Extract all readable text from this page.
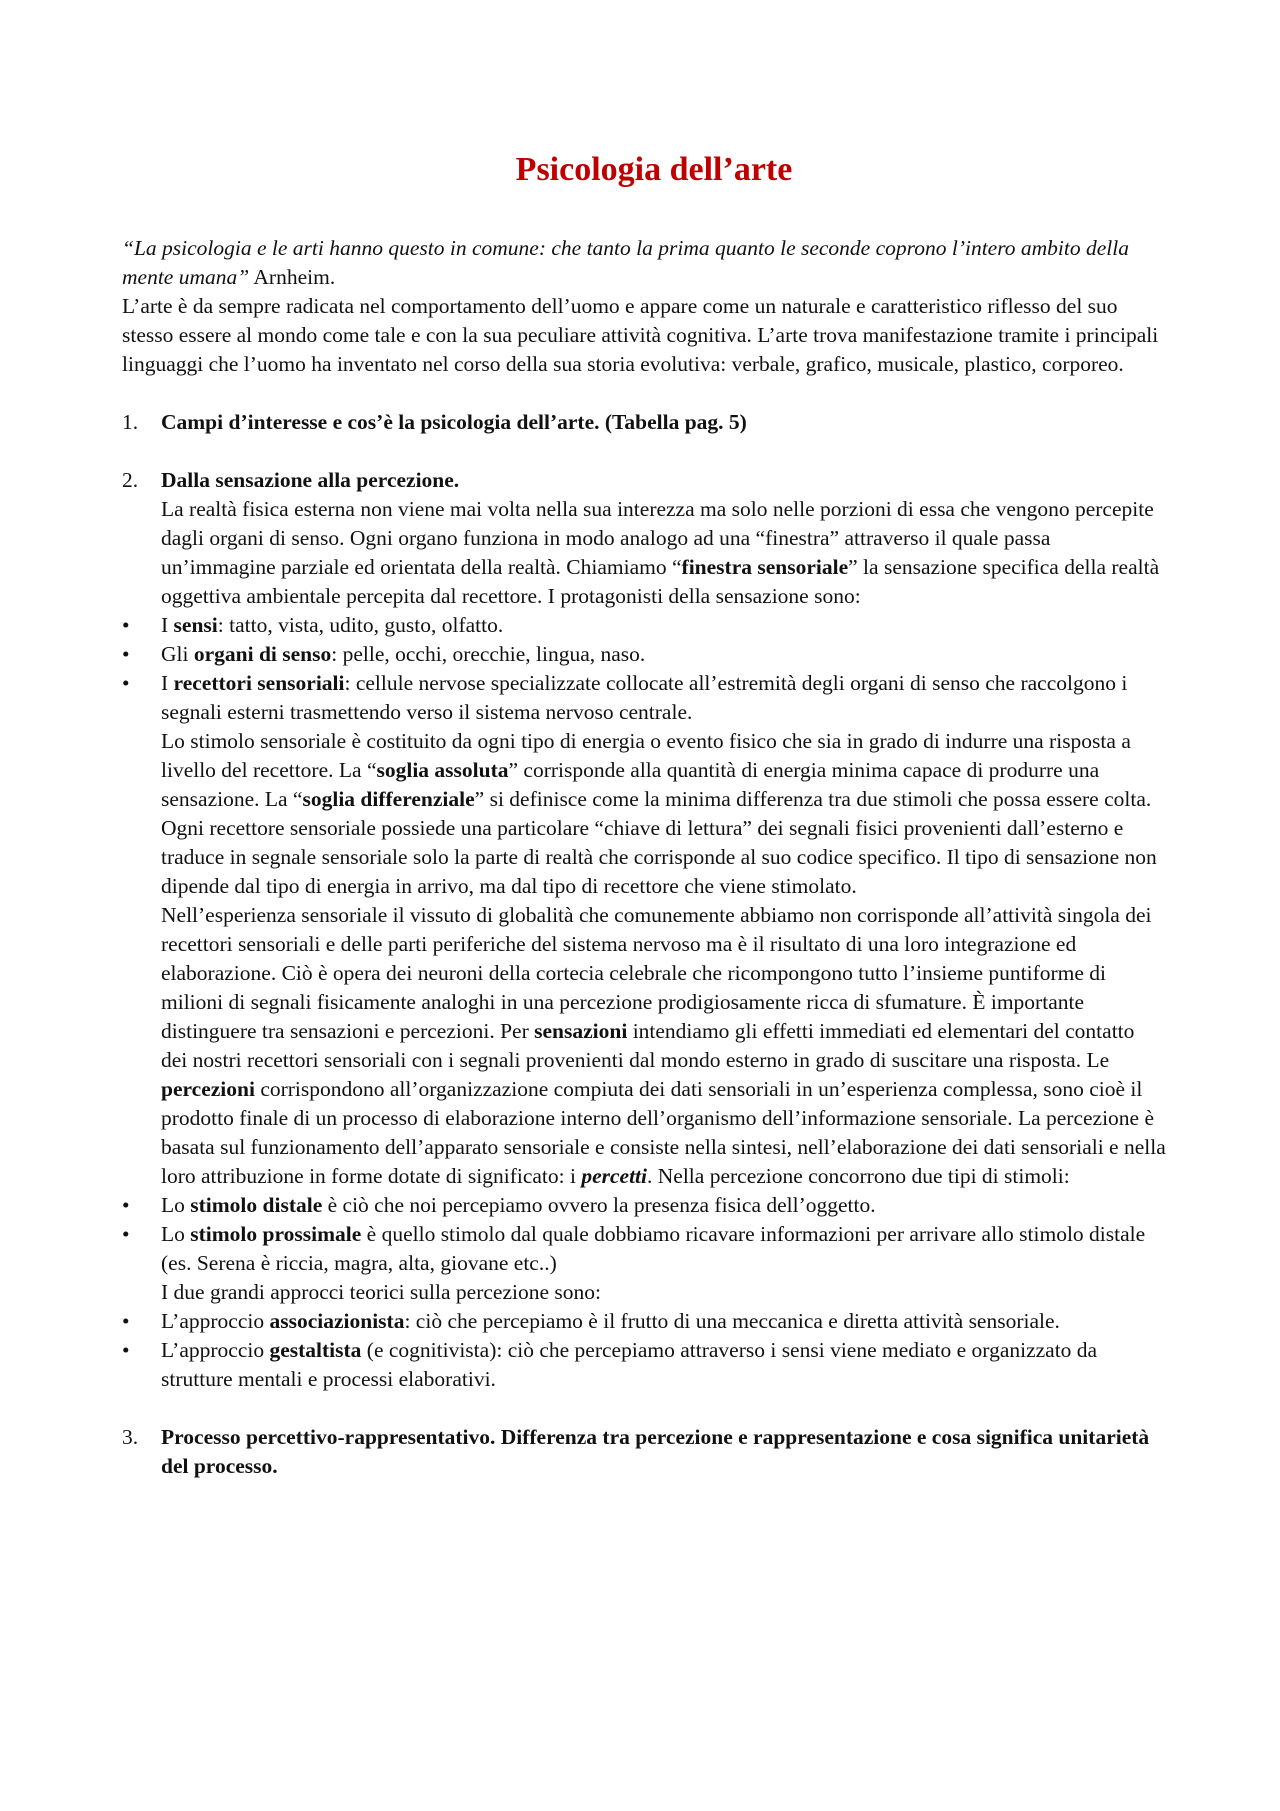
Psicologia dell’arte

“La psicologia e le arti hanno questo in comune: che tanto la prima quanto le seconde coprono l’intero ambito della mente umana” Arnheim.

L’arte è da sempre radicata nel comportamento dell’uomo e appare come un naturale e caratteristico riflesso del suo stesso essere al mondo come tale e con la sua peculiare attività cognitiva. L’arte trova manifestazione tramite i principali linguaggi che l’uomo ha inventato nel corso della sua storia evolutiva: verbale, grafico, musicale, plastico, corporeo.

1.	Campi d’interesse e cos’è la psicologia dell’arte. (Tabella pag. 5)
2.	Dalla sensazione alla percezione.

La realtà fisica esterna non viene mai volta nella sua interezza ma solo nelle porzioni di essa che vengono percepite dagli organi di senso. Ogni organo funziona in modo analogo ad una “finestra” attraverso il quale passa un’immagine parziale ed orientata della realtà. Chiamiamo “finestra sensoriale” la sensazione specifica della realtà oggettiva ambientale percepita dal recettore. I protagonisti della sensazione sono:

•	I sensi: tatto, vista, udito, gusto, olfatto.
•	Gli organi di senso: pelle, occhi, orecchie, lingua, naso.
•	I recettori sensoriali: cellule nervose specializzate collocate all’estremità degli organi di senso che raccolgono i segnali esterni trasmettendo verso il sistema nervoso centrale.

Lo stimolo sensoriale è costituito da ogni tipo di energia o evento fisico che sia in grado di indurre una risposta a livello del recettore. La “soglia assoluta” corrisponde alla quantità di energia minima capace di produrre una sensazione. La “soglia differenziale” si definisce come la minima differenza tra due stimoli che possa essere colta. Ogni recettore sensoriale possiede una particolare “chiave di lettura” dei segnali fisici provenienti dall’esterno e traduce in segnale sensoriale solo la parte di realtà che corrisponde al suo codice specifico. Il tipo di sensazione non dipende dal tipo di energia in arrivo, ma dal tipo di recettore che viene stimolato.

Nell’esperienza sensoriale il vissuto di globalità che comunemente abbiamo non corrisponde all’attività singola dei recettori sensoriali e delle parti periferiche del sistema nervoso ma è il risultato di una loro integrazione ed elaborazione. Ciò è opera dei neuroni della cortecia celebrale che ricompongono tutto l’insieme puntiforme di milioni di segnali fisicamente analoghi in una percezione prodigiosamente ricca di sfumature. È importante distinguere tra sensazioni e percezioni. Per sensazioni intendiamo gli effetti immediati ed elementari del contatto dei nostri recettori sensoriali con i segnali provenienti dal mondo esterno in grado di suscitare una risposta. Le percezioni corrispondono all’organizzazione compiuta dei dati sensoriali in un’esperienza complessa, sono cioè il prodotto finale di un processo di elaborazione interno dell’organismo dell’informazione sensoriale. La percezione è basata sul funzionamento dell’apparato sensoriale e consiste nella sintesi, nell’elaborazione dei dati sensoriali e nella loro attribuzione in forme dotate di significato: i percetti. Nella percezione concorrono due tipi di stimoli:

•	Lo stimolo distale è ciò che noi percepiamo ovvero la presenza fisica dell’oggetto.
•	Lo stimolo prossimale è quello stimolo dal quale dobbiamo ricavare informazioni per arrivare allo stimolo distale (es. Serena è riccia, magra, alta, giovane etc..)

I due grandi approcci teorici sulla percezione sono:

•	L’approccio associazionista: ciò che percepiamo è il frutto di una meccanica e diretta attività sensoriale.
•	L’approccio gestaltista (e cognitivista): ciò che percepiamo attraverso i sensi viene mediato e organizzato da strutture mentali e processi elaborativi.
3.	Processo percettivo-rappresentativo. Differenza tra percezione e rappresentazione e cosa significa unitarietà del processo.
